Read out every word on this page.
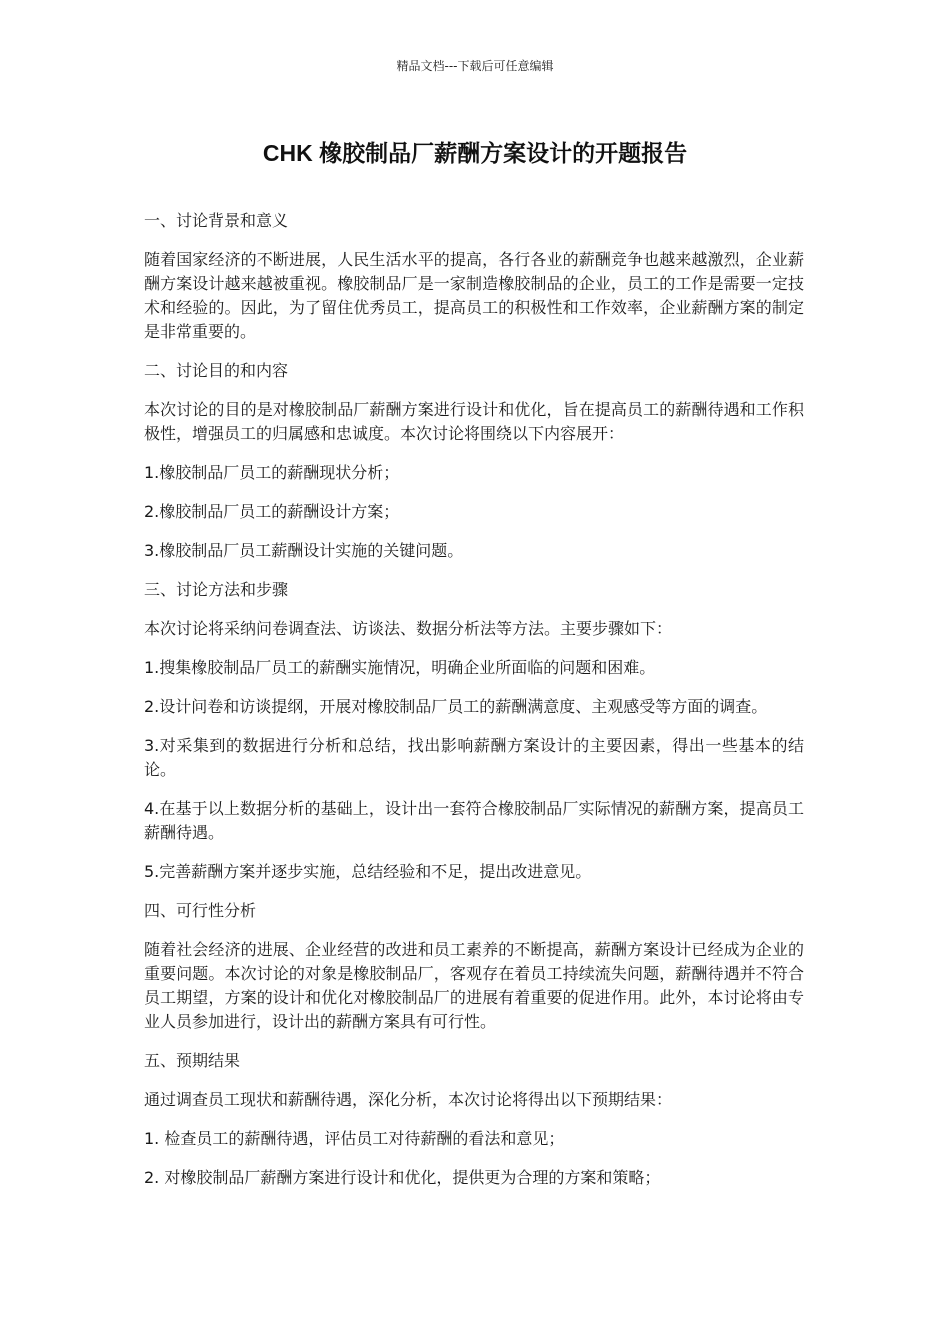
精品文档---下载后可任意编辑
CHK 橡胶制品厂薪酬方案设计的开题报告

一、讨论背景和意义

随着国家经济的不断进展，人民生活水平的提高，各行各业的薪酬竞争也越来越激烈，企业薪酬方案设计越来越被重视。橡胶制品厂是一家制造橡胶制品的企业，员工的工作是需要一定技术和经验的。因此，为了留住优秀员工，提高员工的积极性和工作效率，企业薪酬方案的制定是非常重要的。

二、讨论目的和内容

本次讨论的目的是对橡胶制品厂薪酬方案进行设计和优化，旨在提高员工的薪酬待遇和工作积极性，增强员工的归属感和忠诚度。本次讨论将围绕以下内容展开：

1.橡胶制品厂员工的薪酬现状分析；

2.橡胶制品厂员工的薪酬设计方案；

3.橡胶制品厂员工薪酬设计实施的关键问题。

三、讨论方法和步骤

本次讨论将采纳问卷调查法、访谈法、数据分析法等方法。主要步骤如下：

1.搜集橡胶制品厂员工的薪酬实施情况，明确企业所面临的问题和困难。

2.设计问卷和访谈提纲，开展对橡胶制品厂员工的薪酬满意度、主观感受等方面的调查。

3.对采集到的数据进行分析和总结，找出影响薪酬方案设计的主要因素，得出一些基本的结论。

4.在基于以上数据分析的基础上，设计出一套符合橡胶制品厂实际情况的薪酬方案，提高员工薪酬待遇。

5.完善薪酬方案并逐步实施，总结经验和不足，提出改进意见。

四、可行性分析

随着社会经济的进展、企业经营的改进和员工素养的不断提高，薪酬方案设计已经成为企业的重要问题。本次讨论的对象是橡胶制品厂，客观存在着员工持续流失问题，薪酬待遇并不符合员工期望，方案的设计和优化对橡胶制品厂的进展有着重要的促进作用。此外，本讨论将由专业人员参加进行，设计出的薪酬方案具有可行性。

五、预期结果

通过调查员工现状和薪酬待遇，深化分析，本次讨论将得出以下预期结果：

1. 检查员工的薪酬待遇，评估员工对待薪酬的看法和意见；

2. 对橡胶制品厂薪酬方案进行设计和优化，提供更为合理的方案和策略；
